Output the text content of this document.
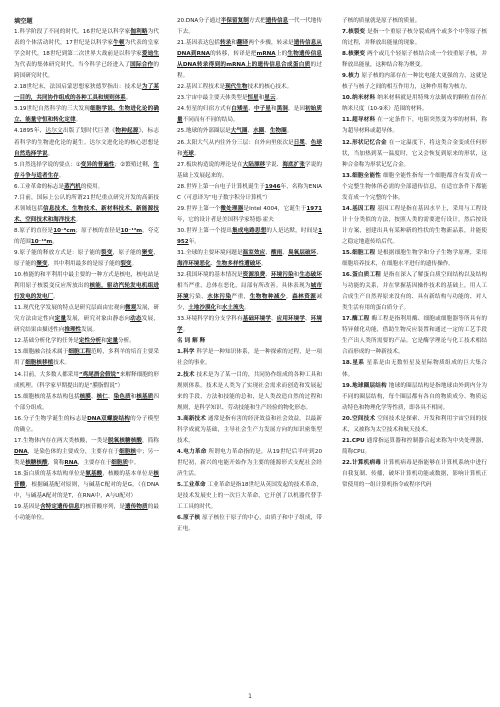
填空题

1.科学阶段了不同的时代。16世纪是以科学家伽利略为代表的个体活动时代，17世纪是以科学家牛顿为代表的皇家学会时代，18世纪到第二次世界大战前是以科学家爱迪生为代表的集体研究时代，当今科学已经进入了国际合作的跨国研究时代。

2.18世纪末，法国启蒙思想家狄德罗指出：技术是为了某一目的，共同协作组成的各种工具和规则体系。

3.19世纪自然科学的三大发现细胞学说、生物进化论的确立、能量守恒和转化定律。

4.1895年，达尔文出版了划时代巨著《物种起源》，标志着科学的生物进化论的诞生。达尔文进化论的核心思想是自然选择学说。

5.自然选择学说的要点：①变异的普遍性；②繁殖过剩，生存斗争与适者生存。

6.工业革命的标志是蒸汽机的使用。

7.目前，国际上公认的所谓21世纪重点研究开发的高新技术领域包括信息技术、生物技术、新材料技术、新能源技术、空间技术和海洋技术。

8.原子的直径是10⁻⁸cm；原子核的直径是10⁻¹³m，夸克的范围10⁻¹⁶m。

9.原子能的释放方式是：原子能的裂变，原子能的聚变，原子能的聚变，其中利用最多的是原子能的裂变。

10.核能的和平利用中最主要的一种方式是核电，核电站是利用原子核裂变反应所放出的核能，驱动汽轮发电机组进行发电的发电厂。

11.现代化学发展的特点是研究层面由宏观向微观发展，研究方法由定性向定量发展，研究对象由静态向动态发展，研究结果由描述性向推理性发展。

12.基础分析化学的任务是定性分析和定量分析。

13.细胞融合技术属于细胞工程范畴，多利羊的培育主要采用了细胞核移植技术。

14.目前，大多数人都采用“鸡尾酒会假说”来解释细胞的形成机理。（科学家早期提出的是“膜脂假说”）

15.细胞核的基本结构包括核膜、核仁、染色质和核基质四个部分组成。

16.分子生物学诞生的标志是DNA双螺旋结构的分子模型的确立。

17.生物体内存在两大类核酸，一类是脱氧核糖核酸，简称DNA，是染色体的主要成分，主要存在于细胞核中；另一类是核糖核酸，简称RNA，主要存在于细胞质中。

18.蛋白质的基本结构单位是氨基酸，核酸的基本单位是核苷酸，根据碱基配对原则，与碱基C配对的是G，（在DNA中，与碱基A配对的是T，在RNA中，A与U配对）

19.基因是含特定遗传信息的核苷酸序列，是遗传物质的最小功能单位。

20.DNA分子通过半保留复制方式把遗传信息一代一代地传下去。

21.基因表达包括转录和翻译两个步骤，转录是遗传信息从DNA到RNA的转移，转译是把mRNA上的生物遗传信息从DNA转录得到的mRNA上的遗传信息合成蛋白质的过程。

22.基因工程技术是现代生物技术的核心技术。

23.宇宙中最主要天体类型是恒星和星云。

24.恒星的归宿方式有白矮星、中子星和黑洞，是因初始质量不同而有不同的结局。

25.地球的外部圈层是大气圈、水圈、生物圈。

26.太阳大气从内往外分三层：自外向里依次是日冕、色球和光球。

27.板块构造说的理论是在大陆漂移学说、海底扩张学说的基础上发展起来的。

28.世界上第一台电子计算机诞生于1946年，名称为ENIAC（可意译为“电子数字积分计算机”）

29.世界上第一个微处理器是Intel 4004，它诞生于1971年，它的设计者是美国科学家特德·霍夫

30.世界上第一个提出集成电路思想的人是达默，时间是1952年。

31.全球的主要环境问题是温室效应、酸雨、臭氧层破坏、海洋环境恶化、生物多样性遭破坏。

32.我国环境的基本情况是资源浪费、环境污染和生态破坏相当严重，总体在恶化，局部有所改善。具体表现为城市环境污染、水体污染严重，生物物种减少，森林资源减少，土地沙漠化和水土流失。

33.环境科学的分支学科有基础环境学、应用环境学、环境学。

名 词 解 释

1.科学 科学是一种知识体系，是一种探索的过程，是一项社会的事业。

2.技术 技术是为了某一目的，共同协作组成的各种工具和规则体系。技术是人类为了实现社会需求而创造和发展起来的手段、方法和技能的总和，是人类改造自然的过程和规则，是科学知识、劳动技能和生产经验的物化形态。

3.高新技术 通常是指有害的经济效益和社会效益。以最新科学成就为基础，主导社会生产力发展方向的知识密集型技术。

4.电力革命 所谓电力革命指的是，从19世纪后半叶到20世纪初，新兴的电能开始作为主要的能源形式支配社会经济生活。

5.工业革命 工业革命是指18世纪从英国发起的技术革命，是技术发展史上的一次巨大革命，它开创了以机器代替手工工具的时代。

6.原子核 原子核位于原子的中心，由质子和中子组成，带正电。

子核的质量就是原子核的质量。

7.核裂变 是指一个重原子核分裂成两个或多个中等原子核的过程，并释放出能量的现象。

8.核聚变 两个或几个轻原子核结合成一个较重原子核，并释放出能量，这种结合称为聚变。

9.核力 原子核的内部存在一种比电能大更强的力，这就是核子与核子之间的相互作用力，这种作用称为核力。

10.纳米材料 纳米材料就是用特殊方法制成的颗粒直径在纳米尺度（10-9米）范围的材料。

11.超导材料 在一定条件下，电阻突然变为零的材料，称为超导材料或超导体。

12.形状记忆合金 在一定温度下，将这类合金变成任何形状，当加热到某一温度时，它又会恢复到原来的形状，这种合金称为形状记忆合金。

13.细胞全能性 细胞全能性指每一个细胞都含有发育成一个完整生物体所必需的全部遗传信息，在适宜条件下都能发育成一个完整的个体。

14.基因工程 基因工程是指在基因水平上，采用与工程设计十分类似的方法，按照人类的需要进行设计，然后按设计方案，创建出具有某种新的性状的生物新品系，并能使之稳定地遗传给后代。

15.细胞工程 是根据细胞生物学和分子生物学原理，采用细胞培养技术，在细胞水平进行的遗传操作。

16.蛋白质工程 是指在深入了解蛋白质空间结构以及结构与功能的关系，并在掌握基因操作技术的基础上，用人工合成生产自然界原来没有的、具有新结构与功能的、对人类生活有用的蛋白质分子。

17.酶工程 酶工程是指利用酶、细胞或细胞器等所具有的特异催化功能，借助生物反应装置和通过一定的工艺手段生产出人类所需要的产品。它是酶学理论与化工技术相结合而形成的一种新技术。

18.星系 星系是由无数恒星及星际物质组成的巨大集合体。

19.地球圈层结构 地球的圈层结构是指地球由外到内分为不同的圈层结构，每个圈层都有各自的物质成分、物质运动特色和物理化学等性质，即各具不相同。

20.空间技术 空间技术是探索、开发和利用宇宙空间的技术，又被称为太空技术和航天技术。

21.CPU 通常指运算器和控制器合起来称为中央处理器，简称CPU。

22.计算机病毒 计算机病毒是指能够在计算机系统中进行自我复制、传播，破坏计算机功能或数据，影响计算机正常使用的一组计算机指令或程序代码

1
